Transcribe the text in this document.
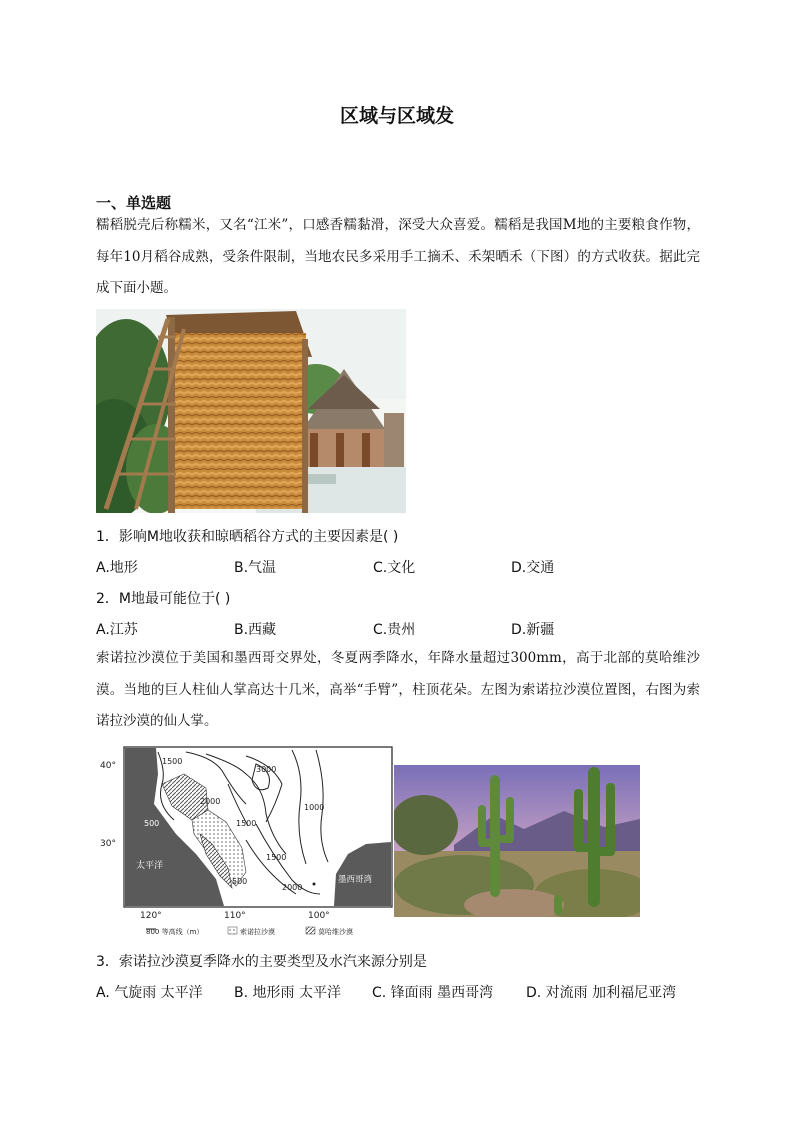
区域与区域发
一、单选题
糯稻脱壳后称糯米，又名“江米”，口感香糯黏滑，深受大众喜爱。糯稻是我国M地的主要粮食作物，每年10月稻谷成熟，受条件限制，当地农民多采用手工摘禾、禾架晒禾（下图）的方式收获。据此完成下面小题。
1．影响M地收获和晾晒稻谷方式的主要因素是( )
A.地形	B.气温	C.文化	D.交通
2．M地最可能位于( )
A.江苏	B.西藏	C.贵州	D.新疆
索诺拉沙漠位于美国和墨西哥交界处，冬夏两季降水，年降水量超过300mm，高于北部的莫哈维沙漠。当地的巨人柱仙人掌高达十几米，高举“手臂”，柱顶花朵。左图为索诺拉沙漠位置图，右图为索诺拉沙漠的仙人掌。
1500
2000
3000
500	1500
1000
1500
2000
500
太平洋
墨西哥湾
40°
30°
120°	110°	100°
800 等高线（m）	索诺拉沙漠	莫哈维沙漠
3．索诺拉沙漠夏季降水的主要类型及水汽来源分别是
A. 气旋雨 太平洋 B. 地形雨 太平洋 C. 锋面雨 墨西哥湾 D. 对流雨 加利福尼亚湾
